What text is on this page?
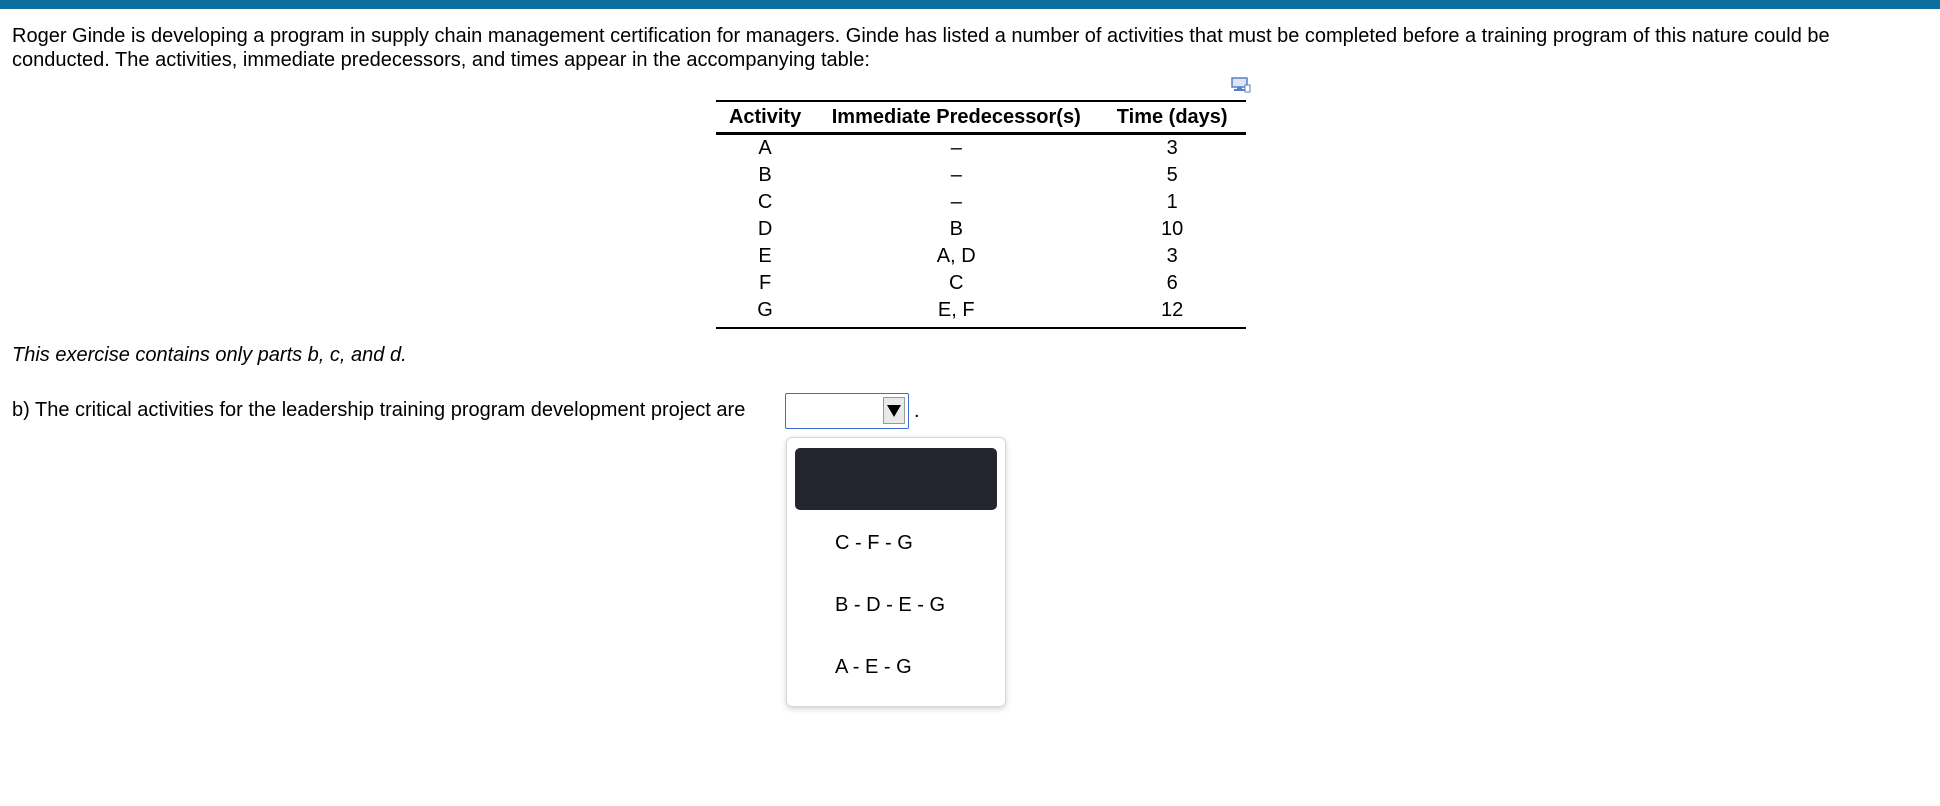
Roger Ginde is developing a program in supply chain management certification for managers. Ginde has listed a number of activities that must be completed before a training program of this nature could be conducted. The activities, immediate predecessors, and times appear in the accompanying table:
Activity	Immediate Predecessor(s)	Time (days)
A	–	3
B	–	5
C	–	1
D	B	10
E	A, D	3
F	C	6
G	E, F	12
This exercise contains only parts b, c, and d.
b) The critical activities for the leadership training program development project are	.
C - F - G
B - D - E - G
A - E - G
